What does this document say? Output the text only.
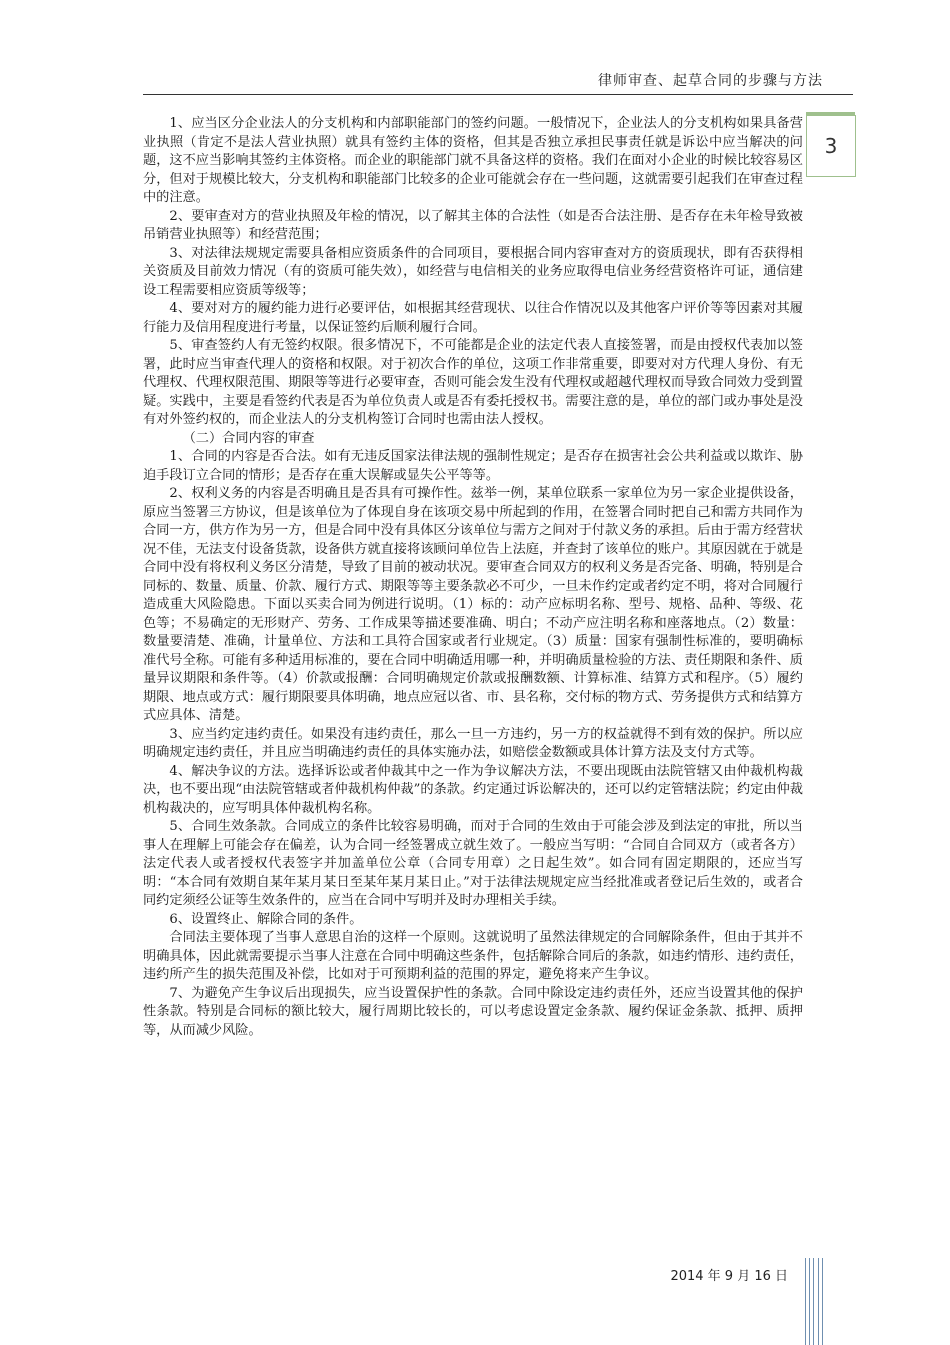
律师审查、起草合同的步骤与方法
3

1、应当区分企业法人的分支机构和内部职能部门的签约问题。一般情况下，企业法人的分支机构如果具备营业执照（肯定不是法人营业执照）就具有签约主体的资格，但其是否独立承担民事责任就是诉讼中应当解决的问题，这不应当影响其签约主体资格。而企业的职能部门就不具备这样的资格。我们在面对小企业的时候比较容易区分，但对于规模比较大，分支机构和职能部门比较多的企业可能就会存在一些问题，这就需要引起我们在审查过程中的注意。

2、要审查对方的营业执照及年检的情况，以了解其主体的合法性（如是否合法注册、是否存在未年检导致被吊销营业执照等）和经营范围；

3、对法律法规规定需要具备相应资质条件的合同项目，要根据合同内容审查对方的资质现状，即有否获得相关资质及目前效力情况（有的资质可能失效），如经营与电信相关的业务应取得电信业务经营资格许可证，通信建设工程需要相应资质等级等；

4、要对对方的履约能力进行必要评估，如根据其经营现状、以往合作情况以及其他客户评价等等因素对其履行能力及信用程度进行考量，以保证签约后顺利履行合同。

5、审查签约人有无签约权限。很多情况下，不可能都是企业的法定代表人直接签署，而是由授权代表加以签署，此时应当审查代理人的资格和权限。对于初次合作的单位，这项工作非常重要，即要对对方代理人身份、有无代理权、代理权限范围、期限等等进行必要审查，否则可能会发生没有代理权或超越代理权而导致合同效力受到置疑。实践中，主要是看签约代表是否为单位负责人或是否有委托授权书。需要注意的是，单位的部门或办事处是没有对外签约权的，而企业法人的分支机构签订合同时也需由法人授权。

（二）合同内容的审查

1、合同的内容是否合法。如有无违反国家法律法规的强制性规定；是否存在损害社会公共利益或以欺诈、胁迫手段订立合同的情形；是否存在重大误解或显失公平等等。

2、权利义务的内容是否明确且是否具有可操作性。兹举一例，某单位联系一家单位为另一家企业提供设备，原应当签署三方协议，但是该单位为了体现自身在该项交易中所起到的作用，在签署合同时把自己和需方共同作为合同一方，供方作为另一方，但是合同中没有具体区分该单位与需方之间对于付款义务的承担。后由于需方经营状况不佳，无法支付设备货款，设备供方就直接将该顾问单位告上法庭，并查封了该单位的账户。其原因就在于就是合同中没有将权利义务区分清楚，导致了目前的被动状况。要审查合同双方的权利义务是否完备、明确，特别是合同标的、数量、质量、价款、履行方式、期限等等主要条款必不可少，一旦未作约定或者约定不明，将对合同履行造成重大风险隐患。下面以买卖合同为例进行说明。（1）标的：动产应标明名称、型号、规格、品种、等级、花色等；不易确定的无形财产、劳务、工作成果等描述要准确、明白；不动产应注明名称和座落地点。（2）数量：数量要清楚、准确，计量单位、方法和工具符合国家或者行业规定。（3）质量：国家有强制性标准的，要明确标准代号全称。可能有多种适用标准的，要在合同中明确适用哪一种，并明确质量检验的方法、责任期限和条件、质量异议期限和条件等。（4）价款或报酬：合同明确规定价款或报酬数额、计算标准、结算方式和程序。（5）履约期限、地点或方式：履行期限要具体明确，地点应冠以省、市、县名称，交付标的物方式、劳务提供方式和结算方式应具体、清楚。

3、应当约定违约责任。如果没有违约责任，那么一旦一方违约，另一方的权益就得不到有效的保护。所以应明确规定违约责任，并且应当明确违约责任的具体实施办法，如赔偿金数额或具体计算方法及支付方式等。

4、解决争议的方法。选择诉讼或者仲裁其中之一作为争议解决方法，不要出现既由法院管辖又由仲裁机构裁决，也不要出现“由法院管辖或者仲裁机构仲裁”的条款。约定通过诉讼解决的，还可以约定管辖法院；约定由仲裁机构裁决的，应写明具体仲裁机构名称。

5、合同生效条款。合同成立的条件比较容易明确，而对于合同的生效由于可能会涉及到法定的审批，所以当事人在理解上可能会存在偏差，认为合同一经签署成立就生效了。一般应当写明：“合同自合同双方（或者各方）法定代表人或者授权代表签字并加盖单位公章（合同专用章）之日起生效”。如合同有固定期限的，还应当写明：“本合同有效期自某年某月某日至某年某月某日止。”对于法律法规规定应当经批准或者登记后生效的，或者合同约定须经公证等生效条件的，应当在合同中写明并及时办理相关手续。

6、设置终止、解除合同的条件。

合同法主要体现了当事人意思自治的这样一个原则。这就说明了虽然法律规定的合同解除条件，但由于其并不明确具体，因此就需要提示当事人注意在合同中明确这些条件，包括解除合同后的条款，如违约情形、违约责任，违约所产生的损失范围及补偿，比如对于可预期利益的范围的界定，避免将来产生争议。

7、为避免产生争议后出现损失，应当设置保护性的条款。合同中除设定违约责任外，还应当设置其他的保护性条款。特别是合同标的额比较大，履行周期比较长的，可以考虑设置定金条款、履约保证金条款、抵押、质押等，从而减少风险。

2014 年 9 月 16 日
